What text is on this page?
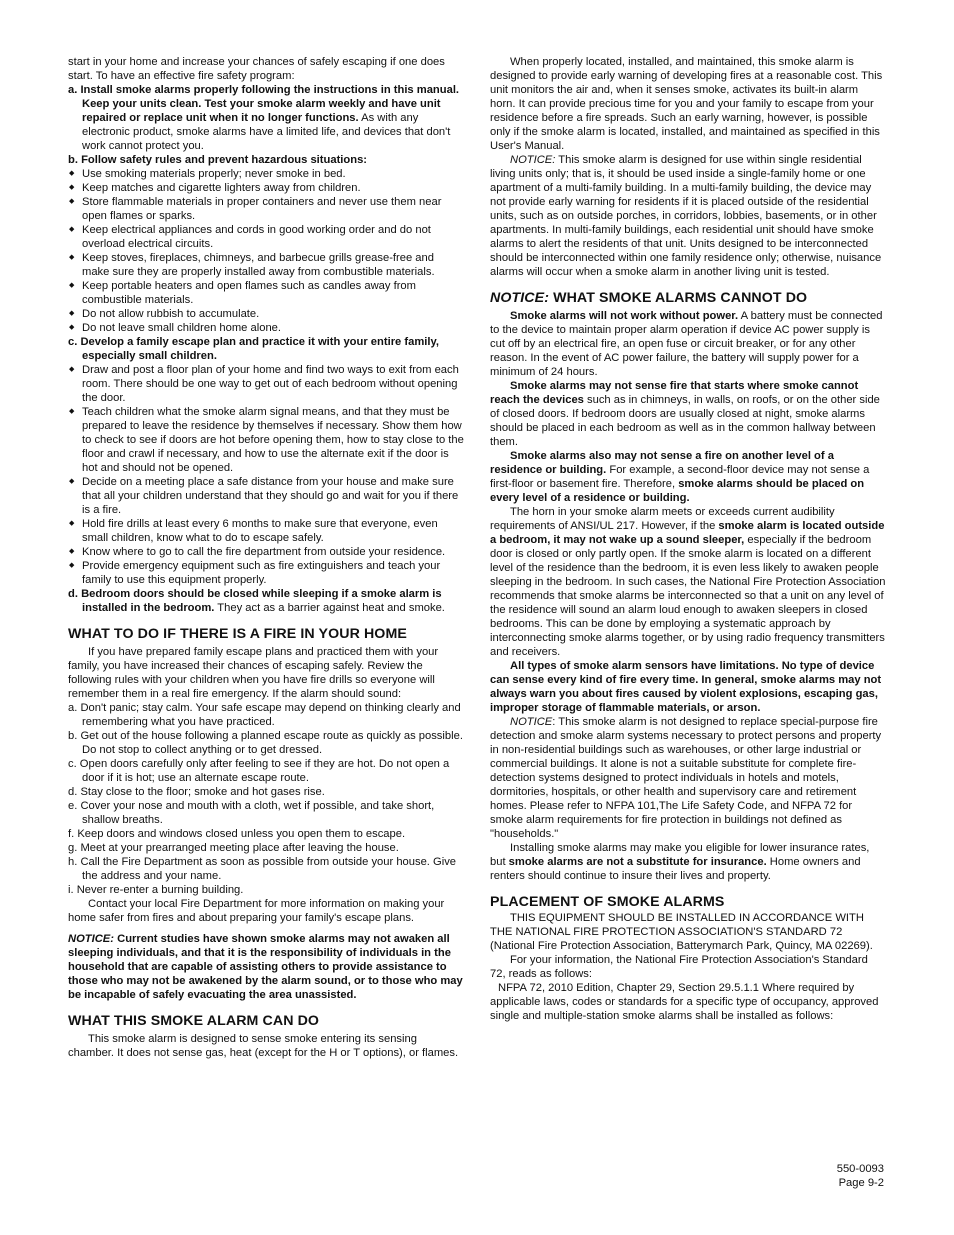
start in your home and increase your chances of safely escaping if one does start. To have an effective fire safety program:

a. Install smoke alarms properly following the instructions in this manual. Keep your units clean. Test your smoke alarm weekly and have unit repaired or replace unit when it no longer functions. As with any electronic product, smoke alarms have a limited life, and devices that don't work cannot protect you.

b. Follow safety rules and prevent hazardous situations:

◆ Use smoking materials properly; never smoke in bed.
◆ Keep matches and cigarette lighters away from children.
◆ Store flammable materials in proper containers and never use them near open flames or sparks.
◆ Keep electrical appliances and cords in good working order and do not overload electrical circuits.
◆ Keep stoves, fireplaces, chimneys, and barbecue grills grease-free and make sure they are properly installed away from combustible materials.
◆ Keep portable heaters and open flames such as candles away from combustible materials.
◆ Do not allow rubbish to accumulate.
◆ Do not leave small children home alone.

c. Develop a family escape plan and practice it with your entire family, especially small children.

◆ Draw and post a floor plan of your home and find two ways to exit from each room. There should be one way to get out of each bedroom without opening the door.
◆ Teach children what the smoke alarm signal means, and that they must be prepared to leave the residence by themselves if necessary. Show them how to check to see if doors are hot before opening them, how to stay close to the floor and crawl if necessary, and how to use the alternate exit if the door is hot and should not be opened.
◆ Decide on a meeting place a safe distance from your house and make sure that all your children understand that they should go and wait for you if there is a fire.
◆ Hold fire drills at least every 6 months to make sure that everyone, even small children, know what to do to escape safely.
◆ Know where to go to call the fire department from outside your residence.
◆ Provide emergency equipment such as fire extinguishers and teach your family to use this equipment properly.

d. Bedroom doors should be closed while sleeping if a smoke alarm is installed in the bedroom. They act as a barrier against heat and smoke.

WHAT TO DO IF THERE IS A FIRE IN YOUR HOME

If you have prepared family escape plans and practiced them with your family, you have increased their chances of escaping safely. Review the following rules with your children when you have fire drills so everyone will remember them in a real fire emergency. If the alarm should sound:

a. Don't panic; stay calm. Your safe escape may depend on thinking clearly and remembering what you have practiced.

b. Get out of the house following a planned escape route as quickly as possible. Do not stop to collect anything or to get dressed.

c. Open doors carefully only after feeling to see if they are hot. Do not open a door if it is hot; use an alternate escape route.

d. Stay close to the floor; smoke and hot gases rise.

e. Cover your nose and mouth with a cloth, wet if possible, and take short, shallow breaths.

f. Keep doors and windows closed unless you open them to escape.

g. Meet at your prearranged meeting place after leaving the house.

h. Call the Fire Department as soon as possible from outside your house. Give the address and your name.

i. Never re-enter a burning building.

Contact your local Fire Department for more information on making your home safer from fires and about preparing your family's escape plans.

NOTICE: Current studies have shown smoke alarms may not awaken all sleeping individuals, and that it is the responsibility of individuals in the household that are capable of assisting others to provide assistance to those who may not be awakened by the alarm sound, or to those who may be incapable of safely evacuating the area unassisted.

WHAT THIS SMOKE ALARM CAN DO

This smoke alarm is designed to sense smoke entering its sensing chamber. It does not sense gas, heat (except for the H or T options), or flames.

When properly located, installed, and maintained, this smoke alarm is designed to provide early warning of developing fires at a reasonable cost. This unit monitors the air and, when it senses smoke, activates its built-in alarm horn. It can provide precious time for you and your family to escape from your residence before a fire spreads. Such an early warning, however, is possible only if the smoke alarm is located, installed, and maintained as specified in this User's Manual.

NOTICE: This smoke alarm is designed for use within single residential living units only; that is, it should be used inside a single-family home or one apartment of a multi-family building. In a multi-family building, the device may not provide early warning for residents if it is placed outside of the residential units, such as on outside porches, in corridors, lobbies, basements, or in other apartments. In multi-family buildings, each residential unit should have smoke alarms to alert the residents of that unit. Units designed to be interconnected should be interconnected within one family residence only; otherwise, nuisance alarms will occur when a smoke alarm in another living unit is tested.

NOTICE: WHAT SMOKE ALARMS CANNOT DO

Smoke alarms will not work without power. A battery must be connected to the device to maintain proper alarm operation if device AC power supply is cut off by an electrical fire, an open fuse or circuit breaker, or for any other reason. In the event of AC power failure, the battery will supply power for a minimum of 24 hours.

Smoke alarms may not sense fire that starts where smoke cannot reach the devices such as in chimneys, in walls, on roofs, or on the other side of closed doors. If bedroom doors are usually closed at night, smoke alarms should be placed in each bedroom as well as in the common hallway between them.

Smoke alarms also may not sense a fire on another level of a residence or building. For example, a second-floor device may not sense a first-floor or basement fire. Therefore, smoke alarms should be placed on every level of a residence or building.

The horn in your smoke alarm meets or exceeds current audibility requirements of ANSI/UL 217. However, if the smoke alarm is located outside a bedroom, it may not wake up a sound sleeper, especially if the bedroom door is closed or only partly open. If the smoke alarm is located on a different level of the residence than the bedroom, it is even less likely to awaken people sleeping in the bedroom. In such cases, the National Fire Protection Association recommends that smoke alarms be interconnected so that a unit on any level of the residence will sound an alarm loud enough to awaken sleepers in closed bedrooms. This can be done by employing a systematic approach by interconnecting smoke alarms together, or by using radio frequency transmitters and receivers.

All types of smoke alarm sensors have limitations. No type of device can sense every kind of fire every time. In general, smoke alarms may not always warn you about fires caused by violent explosions, escaping gas, improper storage of flammable materials, or arson.

NOTICE: This smoke alarm is not designed to replace special-purpose fire detection and smoke alarm systems necessary to protect persons and property in non-residential buildings such as warehouses, or other large industrial or commercial buildings. It alone is not a suitable substitute for complete fire-detection systems designed to protect individuals in hotels and motels, dormitories, hospitals, or other health and supervisory care and retirement homes. Please refer to NFPA 101,The Life Safety Code, and NFPA 72 for smoke alarm requirements for fire protection in buildings not defined as "households."

Installing smoke alarms may make you eligible for lower insurance rates, but smoke alarms are not a substitute for insurance. Home owners and renters should continue to insure their lives and property.

PLACEMENT OF SMOKE ALARMS

THIS EQUIPMENT SHOULD BE INSTALLED IN ACCORDANCE WITH THE NATIONAL FIRE PROTECTION ASSOCIATION'S STANDARD 72 (National Fire Protection Association, Batterymarch Park, Quincy, MA 02269).

For your information, the National Fire Protection Association's Standard 72, reads as follows:

NFPA 72, 2010 Edition, Chapter 29, Section 29.5.1.1 Where required by applicable laws, codes or standards for a specific type of occupancy, approved single and multiple-station smoke alarms shall be installed as follows:

550-0093
Page 9-2
